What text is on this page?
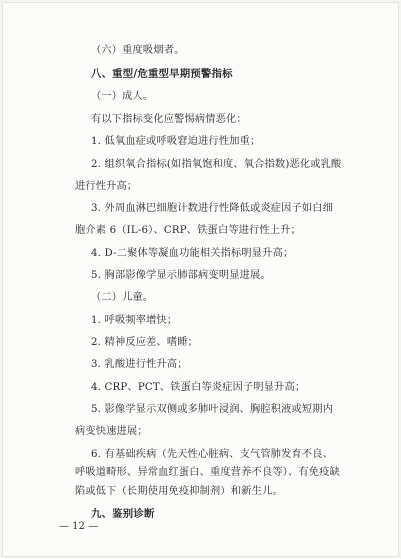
— 12 —
（六）重度吸烟者。
八、重型/危重型早期预警指标
（一）成人。
有以下指标变化应警惕病情恶化：
1. 低氧血症或呼吸窘迫进行性加重；
2. 组织氧合指标(如指氧饱和度、氧合指数)恶化或乳酸
进行性升高；
3. 外周血淋巴细胞计数进行性降低或炎症因子如白细
胞介素 6（IL-6）、CRP、铁蛋白等进行性上升；
4. D-二聚体等凝血功能相关指标明显升高；
5. 胸部影像学显示肺部病变明显进展。
（二）儿童。
1. 呼吸频率增快；
2. 精神反应差、嗜睡；
3. 乳酸进行性升高；
4. CRP、PCT、铁蛋白等炎症因子明显升高；
5. 影像学显示双侧或多肺叶浸润、胸腔积液或短期内
病变快速进展；
6. 有基础疾病（先天性心脏病、支气管肺发育不良、
呼吸道畸形、异常血红蛋白、重度营养不良等）、有免疫缺
陷或低下（长期使用免疫抑制剂）和新生儿。
九、鉴别诊断
